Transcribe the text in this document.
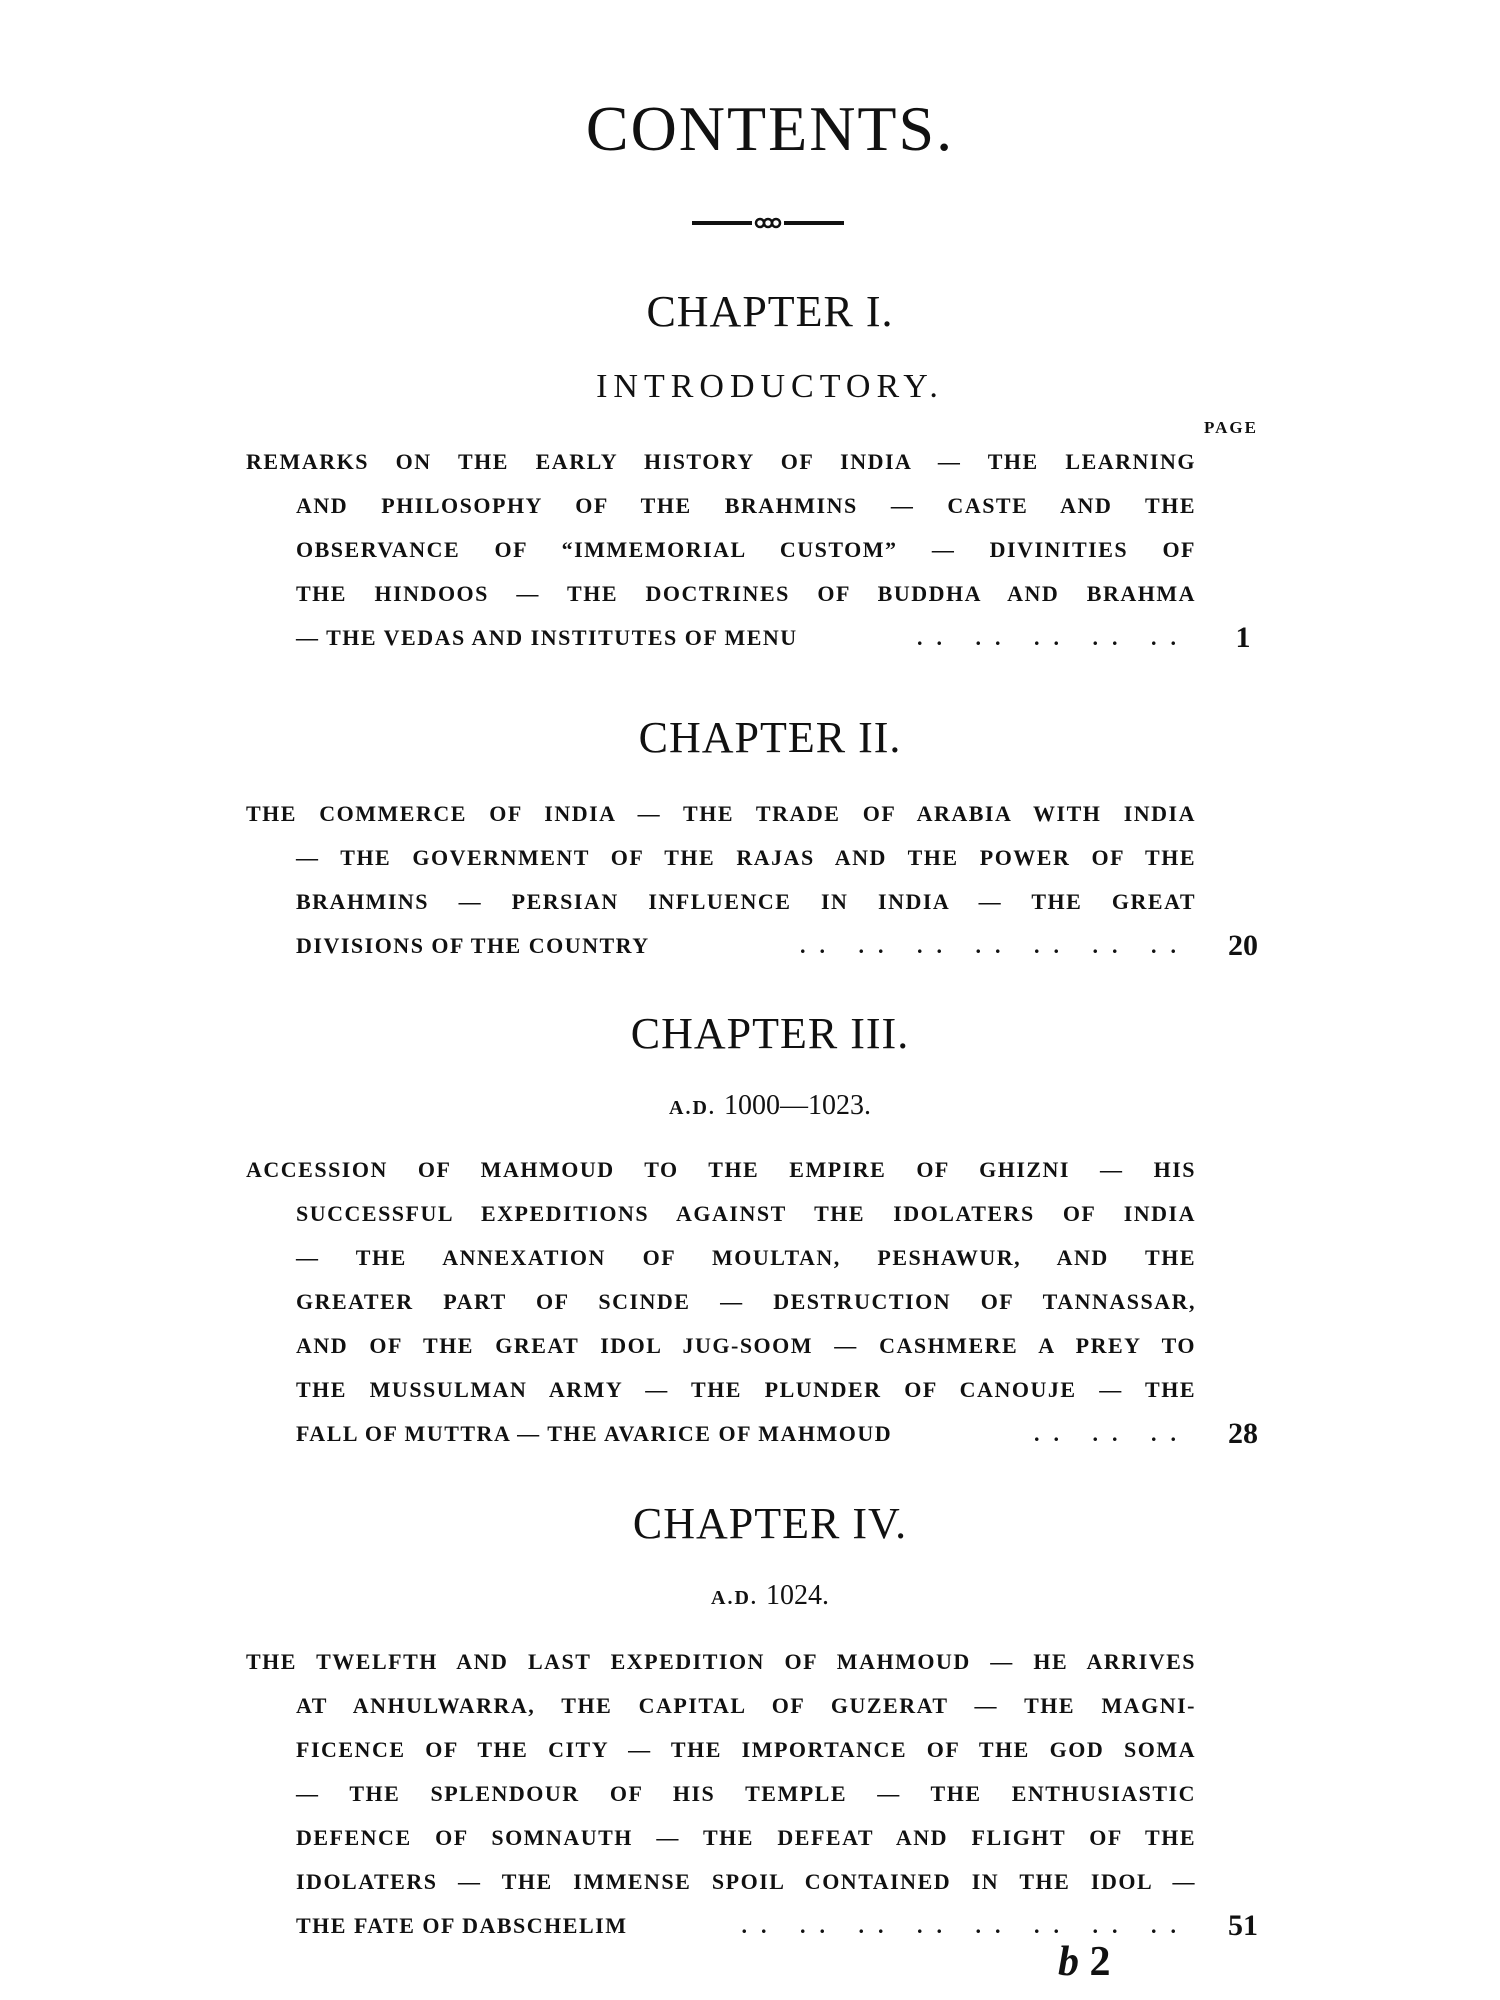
CONTENTS.
CHAPTER I.
INTRODUCTORY.
PAGE
REMARKS ON THE EARLY HISTORY OF INDIA — THE LEARNING
AND PHILOSOPHY OF THE BRAHMINS — CASTE AND THE
OBSERVANCE OF “IMMEMORIAL CUSTOM” — DIVINITIES OF
THE HINDOOS — THE DOCTRINES OF BUDDHA AND BRAHMA
— THE VEDAS AND INSTITUTES OF MENU	.. .. .. .. ..	1
CHAPTER II.
THE COMMERCE OF INDIA — THE TRADE OF ARABIA WITH INDIA
— THE GOVERNMENT OF THE RAJAS AND THE POWER OF THE
BRAHMINS — PERSIAN INFLUENCE IN INDIA — THE GREAT
DIVISIONS OF THE COUNTRY	.. .. .. .. .. .. ..	20
CHAPTER III.
A.D. 1000—1023.
ACCESSION OF MAHMOUD TO THE EMPIRE OF GHIZNI — HIS
SUCCESSFUL EXPEDITIONS AGAINST THE IDOLATERS OF INDIA
— THE ANNEXATION OF MOULTAN, PESHAWUR, AND THE
GREATER PART OF SCINDE — DESTRUCTION OF TANNASSAR,
AND OF THE GREAT IDOL JUG-SOOM — CASHMERE A PREY TO
THE MUSSULMAN ARMY — THE PLUNDER OF CANOUJE — THE
FALL OF MUTTRA — THE AVARICE OF MAHMOUD	.. .. ..	28
CHAPTER IV.
A.D. 1024.
THE TWELFTH AND LAST EXPEDITION OF MAHMOUD — HE ARRIVES
AT ANHULWARRA, THE CAPITAL OF GUZERAT — THE MAGNI-
FICENCE OF THE CITY — THE IMPORTANCE OF THE GOD SOMA
— THE SPLENDOUR OF HIS TEMPLE — THE ENTHUSIASTIC
DEFENCE OF SOMNAUTH — THE DEFEAT AND FLIGHT OF THE
IDOLATERS — THE IMMENSE SPOIL CONTAINED IN THE IDOL —
THE FATE OF DABSCHELIM	.. .. .. .. .. .. .. ..	51
b 2
